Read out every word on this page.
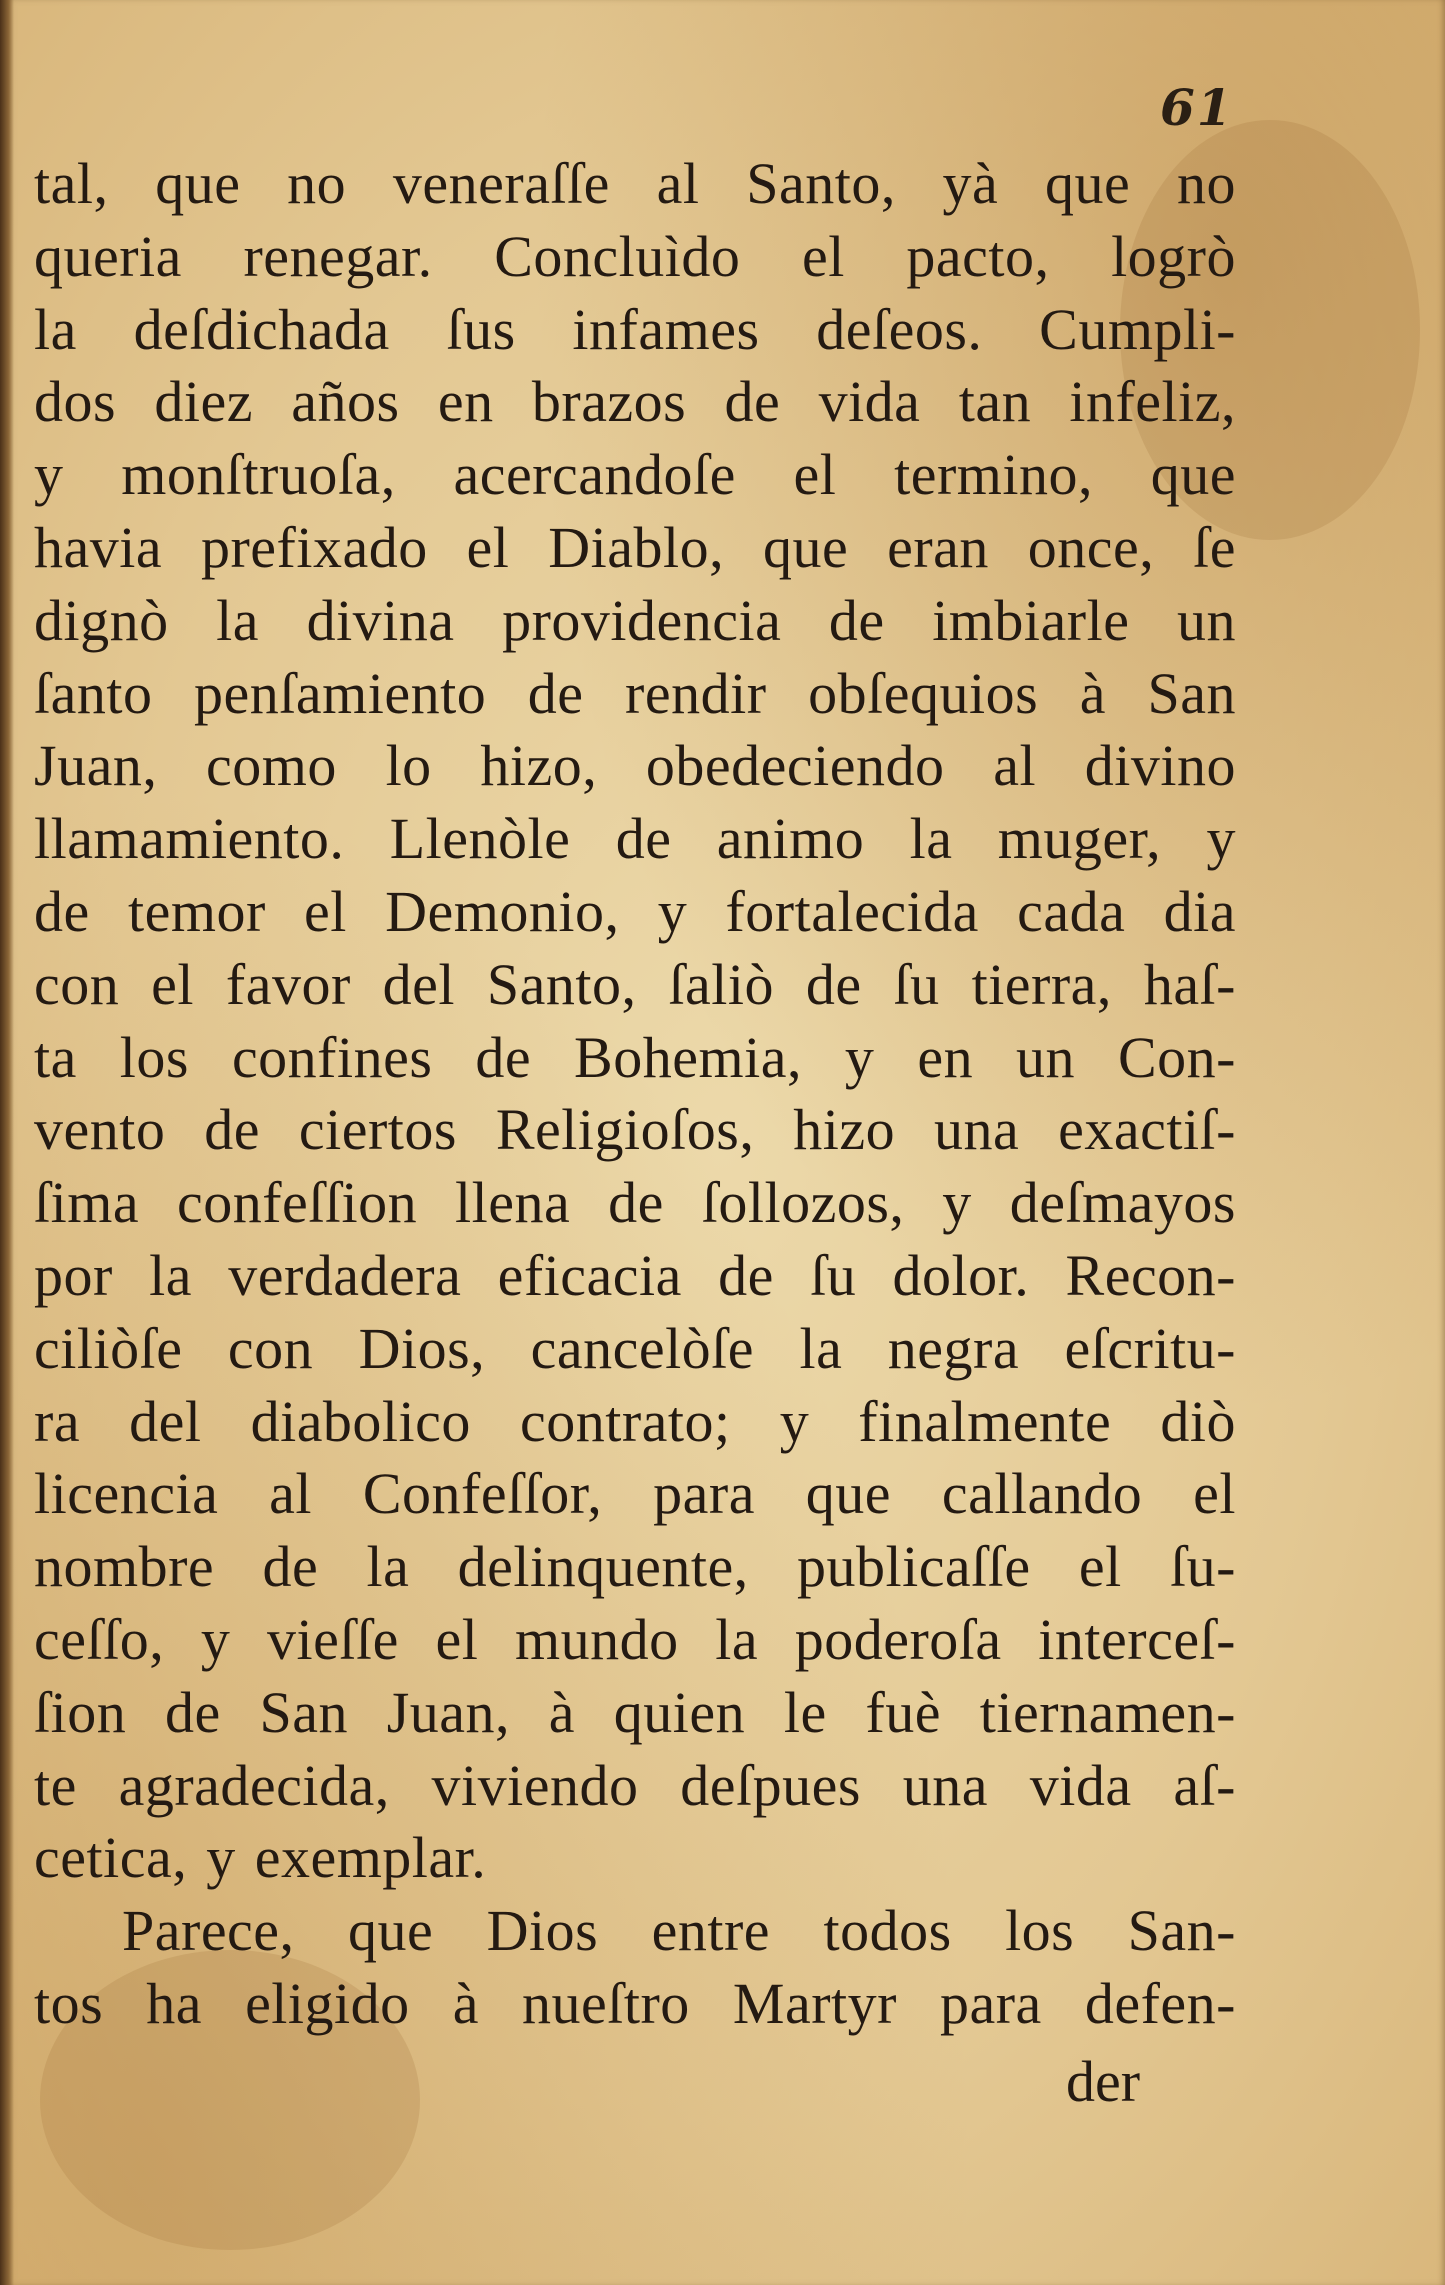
61
tal, que no veneraſſe al Santo, yà que no
queria renegar. Concluìdo el pacto, logrò
la deſdichada ſus infames deſeos. Cumpli-
dos diez años en brazos de vida tan infeliz,
y monſtruoſa, acercandoſe el termino, que
havia prefixado el Diablo, que eran once, ſe
dignò la divina providencia de imbiarle un
ſanto penſamiento de rendir obſequios à San
Juan, como lo hizo, obedeciendo al divino
llamamiento. Llenòle de animo la muger, y
de temor el Demonio, y fortalecida cada dia
con el favor del Santo, ſaliò de ſu tierra, haſ-
ta los confines de Bohemia, y en un Con-
vento de ciertos Religioſos, hizo una exactiſ-
ſima confeſſion llena de ſollozos, y deſmayos
por la verdadera eficacia de ſu dolor. Recon-
ciliòſe con Dios, cancelòſe la negra eſcritu-
ra del diabolico contrato; y finalmente diò
licencia al Confeſſor, para que callando el
nombre de la delinquente, publicaſſe el ſu-
ceſſo, y vieſſe el mundo la poderoſa interceſ-
ſion de San Juan, à quien le fuè tiernamen-
te agradecida, viviendo deſpues una vida aſ-
cetica, y exemplar.
Parece, que Dios entre todos los San-
tos ha eligido à nueſtro Martyr para defen-
der
